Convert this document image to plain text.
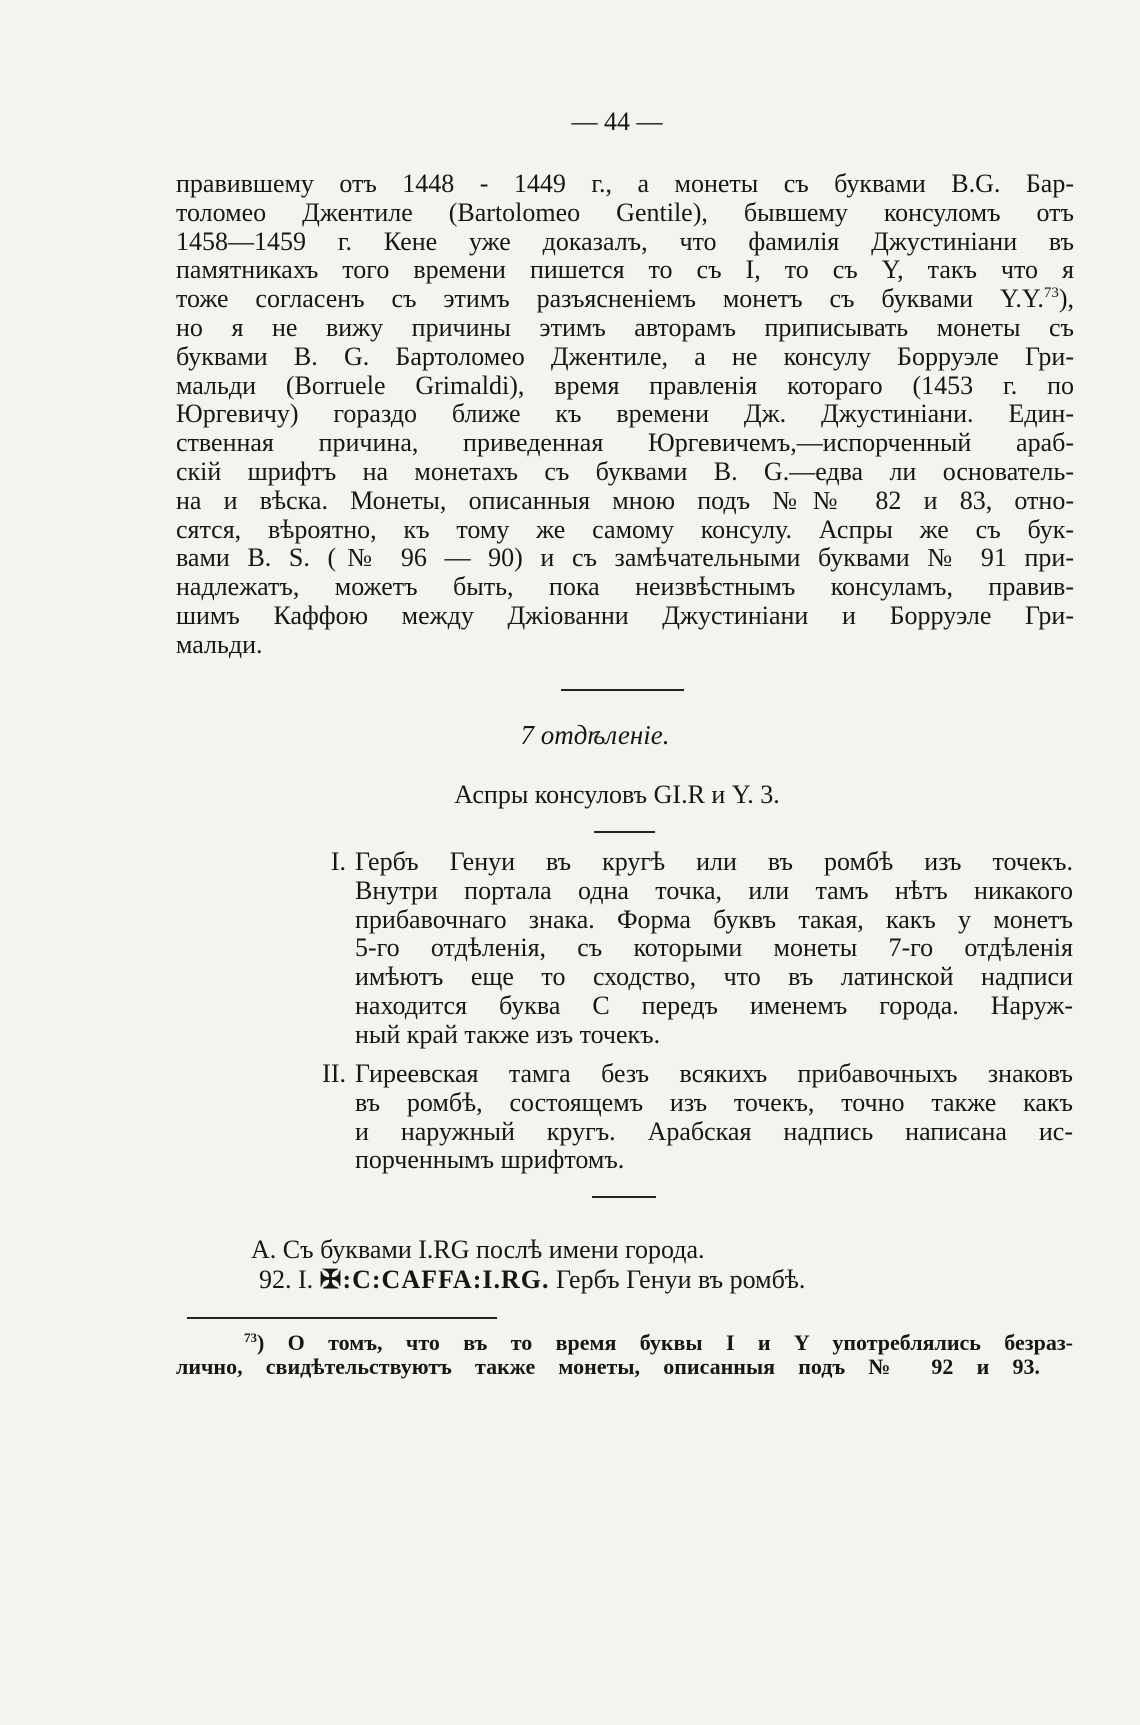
— 44 —
правившему отъ 1448 - 1449 г., а монеты съ буквами В.G. Бар-
толомео Джентиле (Bartolomeo Gentile), бывшему консуломъ отъ
1458—1459 г. Кене уже доказалъ, что фамилія Джустиніани въ
памятникахъ того времени пишется то съ I, то съ Y, такъ что я
тоже согласенъ съ этимъ разъясненіемъ монетъ съ буквами Y.Y.$^{73}$),
но я не вижу причины этимъ авторамъ приписывать монеты съ
буквами В. G. Бартоломео Джентиле, а не консулу Борруэле Гри-
мальди (Borruele Grimaldi), время правленія котораго (1453 г. по
Юргевичу) гораздо ближе къ времени Дж. Джустиніани. Един-
ственная причина, приведенная Юргевичемъ,—испорченный араб-
скій шрифтъ на монетахъ съ буквами В. G.—едва ли основатель-
на и вѣска. Монеты, описанныя мною подъ №№ 82 и 83, отно-
сятся, вѣроятно, къ тому же самому консулу. Аспры же съ бук-
вами В. S. (№ 96 — 90) и съ замѣчательными буквами № 91 при-
надлежатъ, можетъ быть, пока неизвѣстнымъ консуламъ, правив-
шимъ Каффою между Джіованни Джустиніани и Борруэле Гри-
мальди.
7 отдѣленіе.
Аспры консуловъ GI.R и Y. 3.
I. Гербъ Генуи въ кругѣ или въ ромбѣ изъ точекъ.
Внутри портала одна точка, или тамъ нѣтъ никакого
прибавочнаго знака. Форма буквъ такая, какъ у монетъ
5-го отдѣленія, съ которыми монеты 7-го отдѣленія
имѣютъ еще то сходство, что въ латинской надписи
находится буква C передъ именемъ города. Наруж-
ный край также изъ точекъ.
II. Гиреевская тамга безъ всякихъ прибавочныхъ знаковъ
въ ромбѣ, состоящемъ изъ точекъ, точно также какъ
и наружный кругъ. Арабская надпись написана ис-
порченнымъ шрифтомъ.
А. Съ буквами I.RG послѣ имени города.
92. I. ✠:C:CAFFA:I.RG. Гербъ Генуи въ ромбѣ.
$^{73}$) О томъ, что въ то время буквы I и Y употреблялись безраз-
лично, свидѣтельствуютъ также монеты, описанныя подъ № 92 и 93.
